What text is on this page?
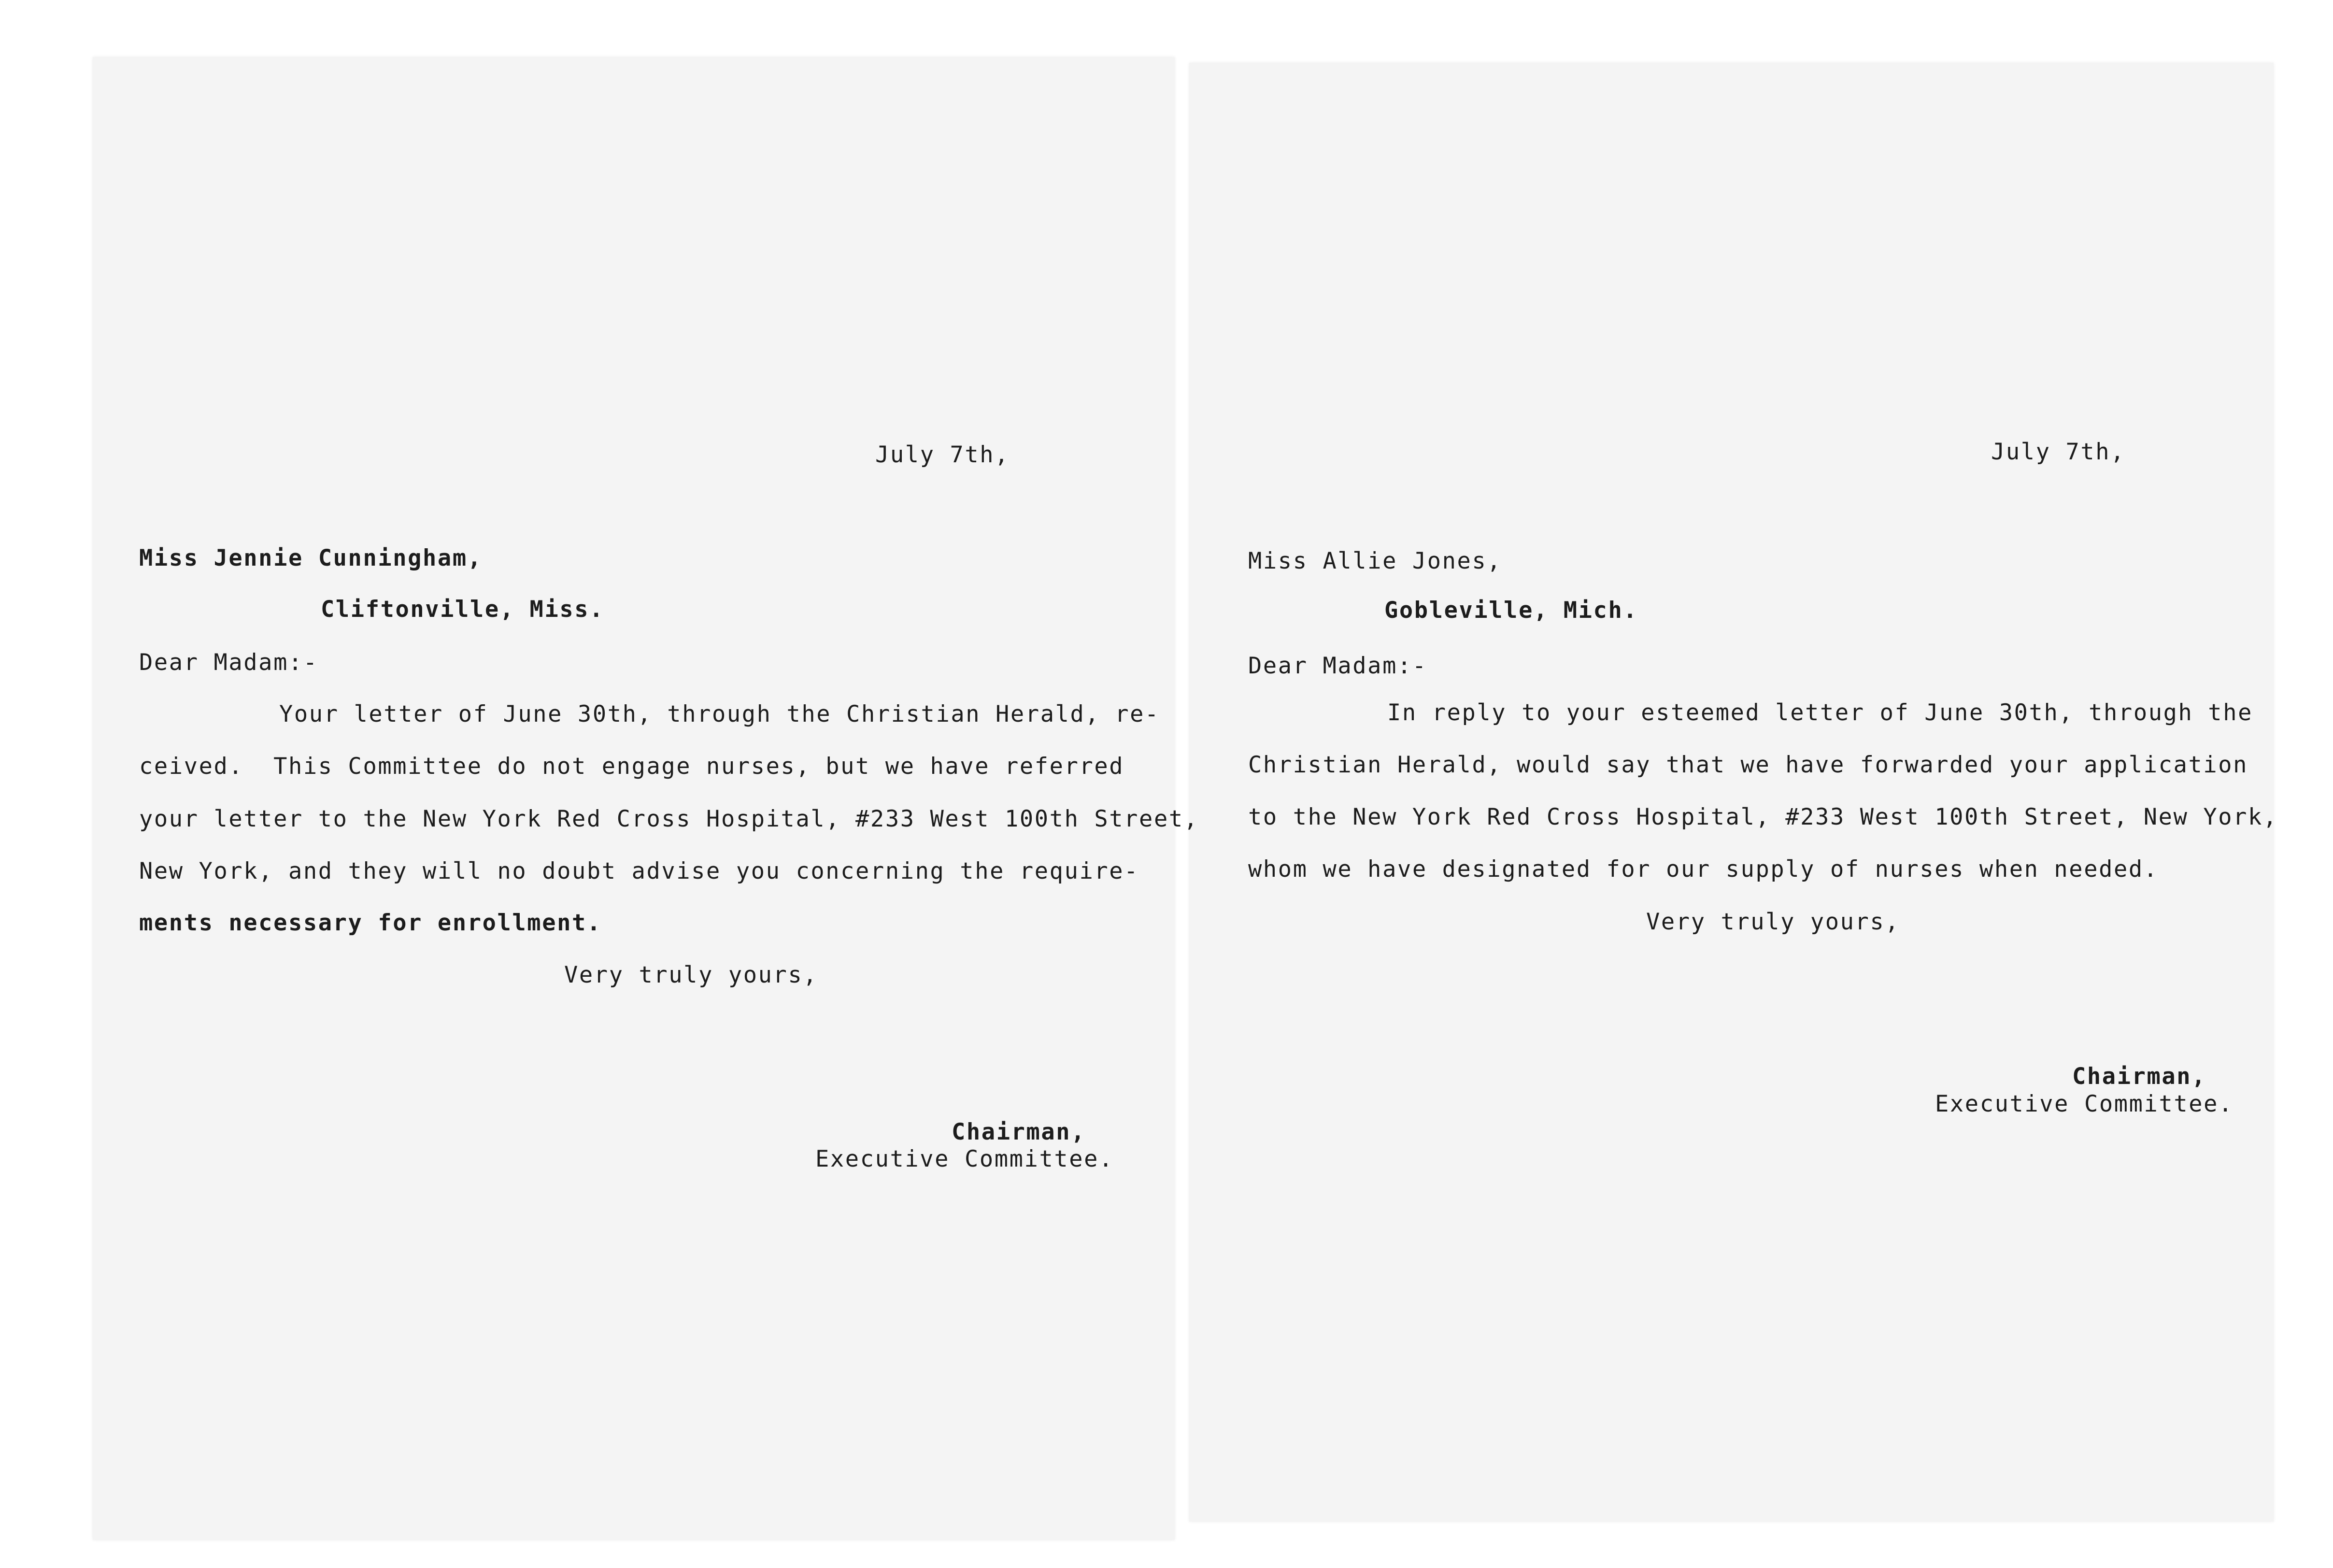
July 7th,
Miss Jennie Cunningham,
Cliftonville, Miss.
Dear Madam:-
Your letter of June 30th, through the Christian Herald, re-
ceived.  This Committee do not engage nurses, but we have referred
your letter to the New York Red Cross Hospital, #233 West 100th Street,
New York, and they will no doubt advise you concerning the require-
ments necessary for enrollment.
Very truly yours,
Chairman,
Executive Committee.
July 7th,
Miss Allie Jones,
Gobleville, Mich.
Dear Madam:-
In reply to your esteemed letter of June 30th, through the
Christian Herald, would say that we have forwarded your application
to the New York Red Cross Hospital, #233 West 100th Street, New York,
whom we have designated for our supply of nurses when needed.
Very truly yours,
Chairman,
Executive Committee.
